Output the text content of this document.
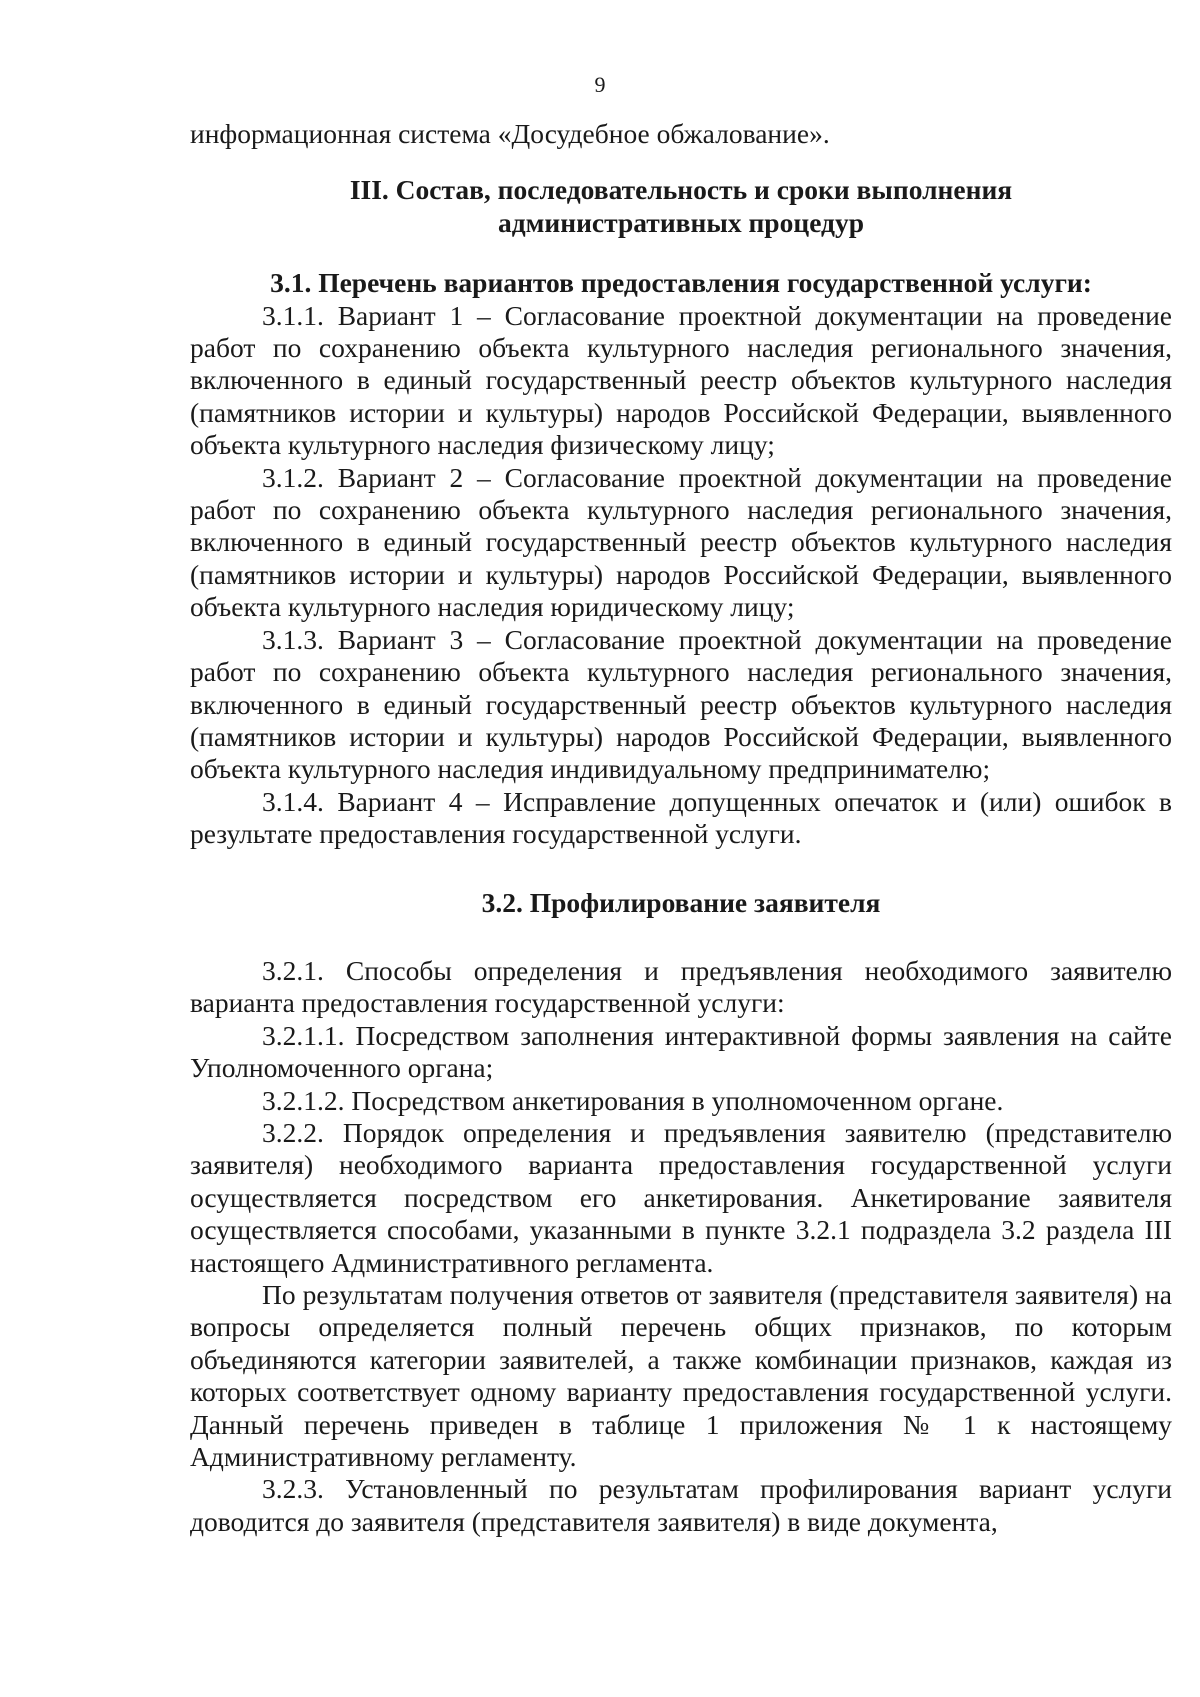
9

информационная система «Досудебное обжалование».

III. Состав, последовательность и сроки выполнения
административных процедур

3.1. Перечень вариантов предоставления государственной услуги:

3.1.1. Вариант 1 – Согласование проектной документации на проведение работ по сохранению объекта культурного наследия регионального значения, включенного в единый государственный реестр объектов культурного наследия (памятников истории и культуры) народов Российской Федерации, выявленного объекта культурного наследия физическому лицу;

3.1.2. Вариант 2 – Согласование проектной документации на проведение работ по сохранению объекта культурного наследия регионального значения, включенного в единый государственный реестр объектов культурного наследия (памятников истории и культуры) народов Российской Федерации, выявленного объекта культурного наследия юридическому лицу;

3.1.3. Вариант 3 – Согласование проектной документации на проведение работ по сохранению объекта культурного наследия регионального значения, включенного в единый государственный реестр объектов культурного наследия (памятников истории и культуры) народов Российской Федерации, выявленного объекта культурного наследия индивидуальному предпринимателю;

3.1.4. Вариант 4 – Исправление допущенных опечаток и (или) ошибок в результате предоставления государственной услуги.

3.2. Профилирование заявителя

3.2.1. Способы определения и предъявления необходимого заявителю варианта предоставления государственной услуги:

3.2.1.1. Посредством заполнения интерактивной формы заявления на сайте Уполномоченного органа;

3.2.1.2. Посредством анкетирования в уполномоченном органе.

3.2.2. Порядок определения и предъявления заявителю (представителю заявителя) необходимого варианта предоставления государственной услуги осуществляется посредством его анкетирования. Анкетирование заявителя осуществляется способами, указанными в пункте 3.2.1 подраздела 3.2 раздела III настоящего Административного регламента.

По результатам получения ответов от заявителя (представителя заявителя) на вопросы определяется полный перечень общих признаков, по которым объединяются категории заявителей, а также комбинации признаков, каждая из которых соответствует одному варианту предоставления государственной услуги. Данный перечень приведен в таблице 1 приложения № 1 к настоящему Административному регламенту.

3.2.3. Установленный по результатам профилирования вариант услуги доводится до заявителя (представителя заявителя) в виде документа,
